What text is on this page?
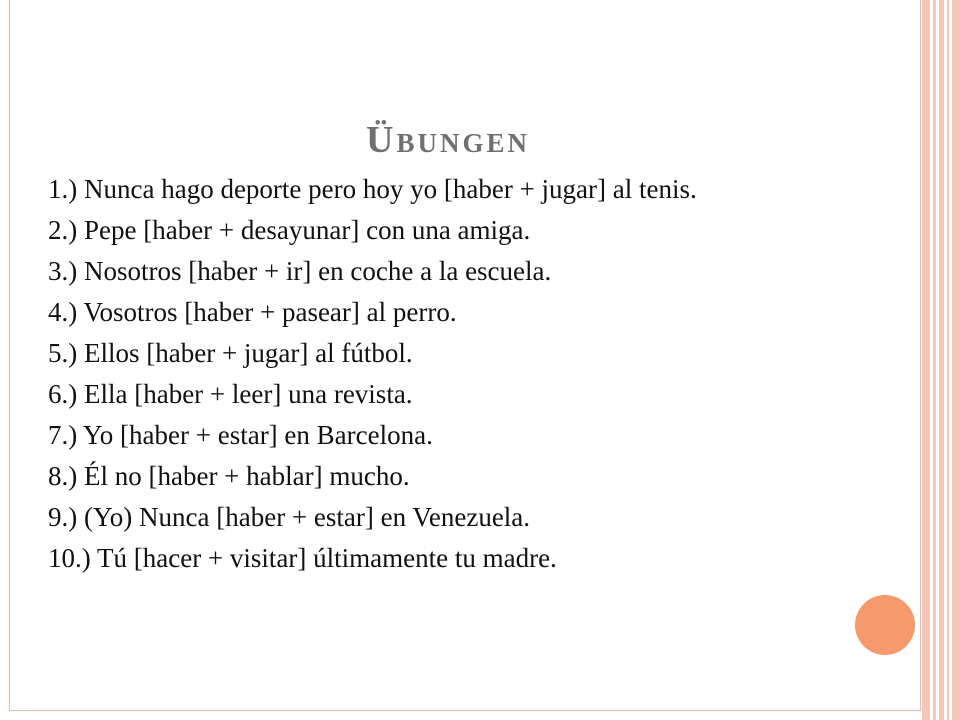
Übungen
1.) Nunca hago deporte pero hoy yo [haber + jugar] al tenis.
2.) Pepe [haber + desayunar] con una amiga.
3.) Nosotros [haber + ir] en coche a la escuela.
4.) Vosotros [haber + pasear] al perro.
5.) Ellos [haber + jugar] al fútbol.
6.) Ella [haber + leer] una revista.
7.) Yo [haber + estar] en Barcelona.
8.) Él no [haber + hablar] mucho.
9.) (Yo) Nunca [haber + estar] en Venezuela.
10.) Tú [hacer + visitar] últimamente tu madre.
